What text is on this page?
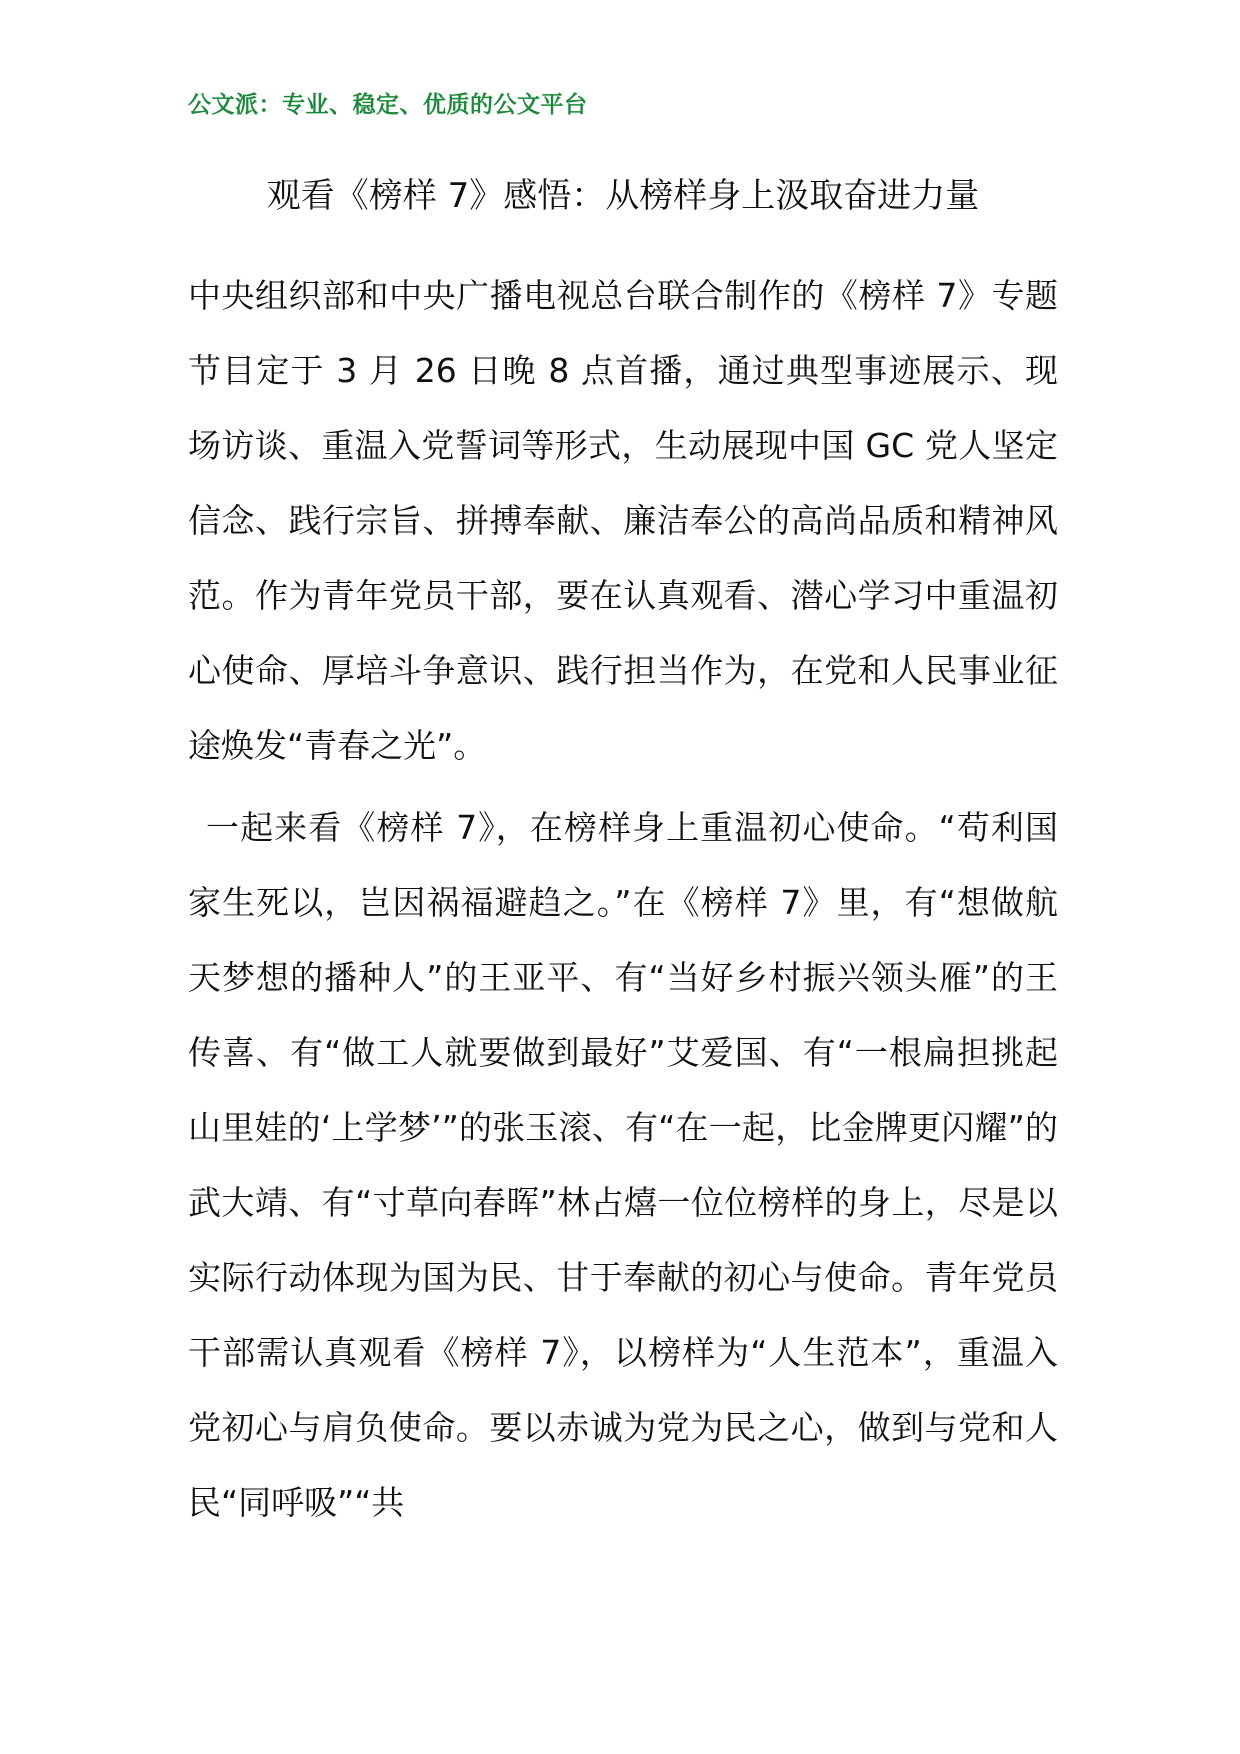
公文派：专业、稳定、优质的公文平台
观看《榜样 7》感悟：从榜样身上汲取奋进力量

中央组织部和中央广播电视总台联合制作的《榜样 7》专题节目定于 3 月 26 日晚 8 点首播，通过典型事迹展示、现场访谈、重温入党誓词等形式，生动展现中国 GC 党人坚定信念、践行宗旨、拼搏奉献、廉洁奉公的高尚品质和精神风范。作为青年党员干部，要在认真观看、潜心学习中重温初心使命、厚培斗争意识、践行担当作为，在党和人民事业征途焕发“青春之光”。

一起来看《榜样 7》，在榜样身上重温初心使命。“苟利国家生死以，岂因祸福避趋之。”在《榜样 7》里，有“想做航天梦想的播种人”的王亚平、有“当好乡村振兴领头雁”的王传喜、有“做工人就要做到最好”艾爱国、有“一根扁担挑起山里娃的‘上学梦’”的张玉滚、有“在一起，比金牌更闪耀”的武大靖、有“寸草向春晖”林占熺一位位榜样的身上，尽是以实际行动体现为国为民、甘于奉献的初心与使命。青年党员干部需认真观看《榜样 7》，以榜样为“人生范本”，重温入党初心与肩负使命。要以赤诚为党为民之心，做到与党和人民“同呼吸”“共
